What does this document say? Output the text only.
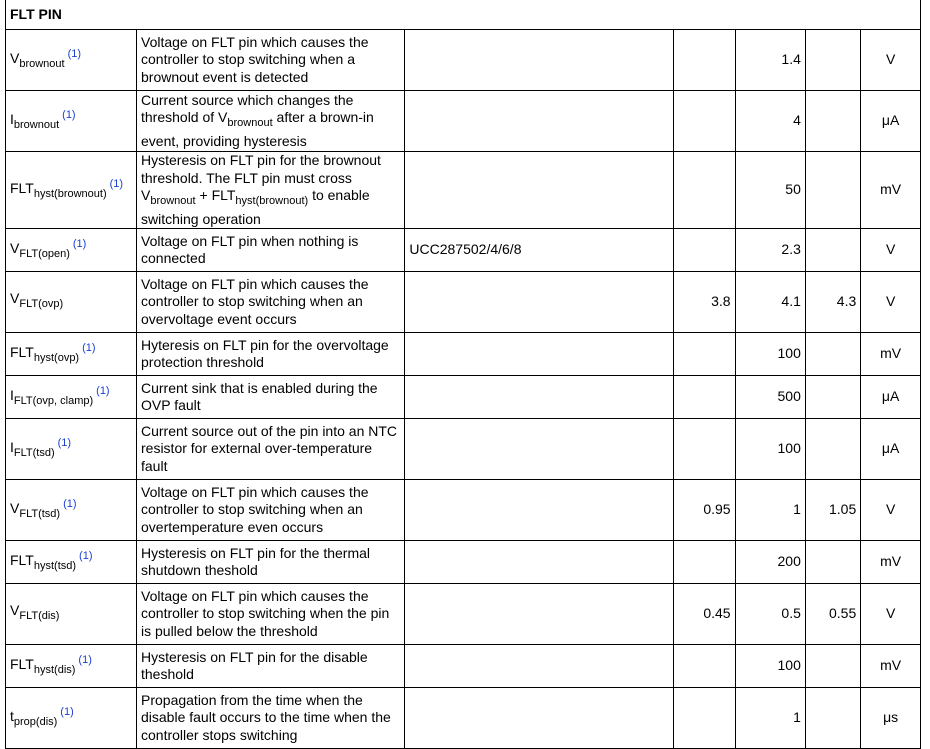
FLT PIN						
$V_{brownout}^{(1)}$	Voltage on FLT pin which causes the controller to stop switching when a brownout event is detected			1.4		V
$I_{brownout}^{(1)}$	Current source which changes the threshold of $V_{brownout}$ after a brown-in event, providing hysteresis			4		μA
$FLT_{hyst(brownout)}^{(1)}$	Hysteresis on FLT pin for the brownout threshold. The FLT pin must cross $V_{brownout} + FLT_{hyst(brownout)}$ to enable switching operation			50		mV
$V_{FLT(open)}^{(1)}$	Voltage on FLT pin when nothing is connected	UCC287502/4/6/8		2.3		V
$V_{FLT(ovp)}$	Voltage on FLT pin which causes the controller to stop switching when an overvoltage event occurs		3.8	4.1	4.3	V
$FLT_{hyst(ovp)}^{(1)}$	Hyteresis on FLT pin for the overvoltage protection threshold			100		mV
$I_{FLT(ovp, clamp)}^{(1)}$	Current sink that is enabled during the OVP fault			500		μA
$I_{FLT(tsd)}^{(1)}$	Current source out of the pin into an NTC resistor for external over-temperature fault			100		μA
$V_{FLT(tsd)}^{(1)}$	Voltage on FLT pin which causes the controller to stop switching when an overtemperature even occurs		0.95	1	1.05	V
$FLT_{hyst(tsd)}^{(1)}$	Hysteresis on FLT pin for the thermal shutdown theshold			200		mV
$V_{FLT(dis)}$	Voltage on FLT pin which causes the controller to stop switching when the pin is pulled below the threshold		0.45	0.5	0.55	V
$FLT_{hyst(dis)}^{(1)}$	Hysteresis on FLT pin for the disable theshold			100		mV
$t_{prop(dis)}^{(1)}$	Propagation from the time when the disable fault occurs to the time when the controller stops switching			1		μs
